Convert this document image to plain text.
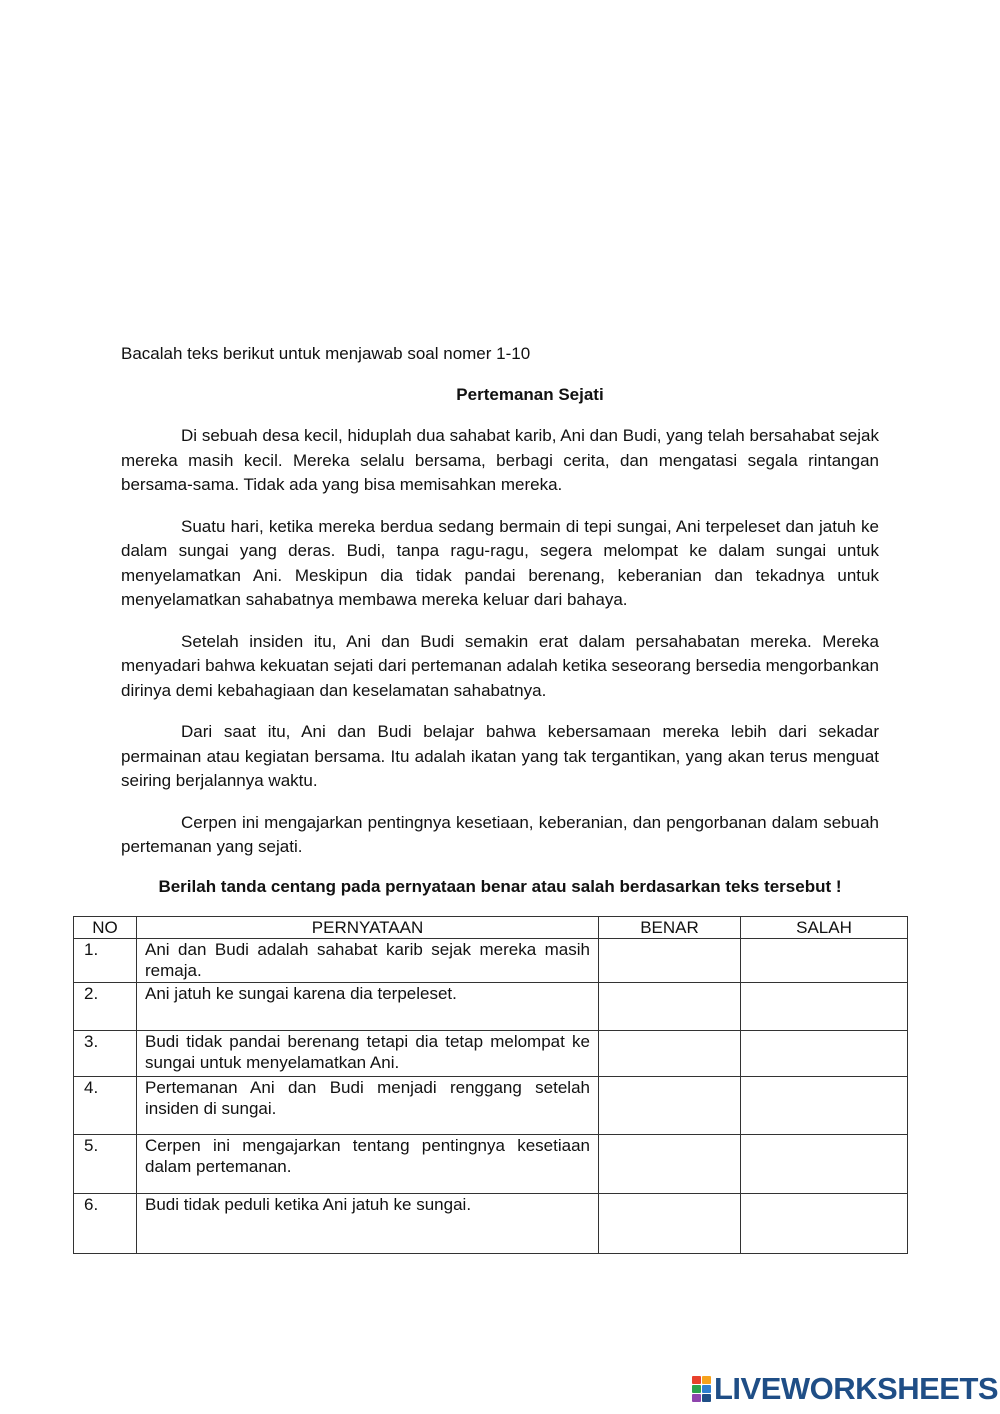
Bacalah teks berikut untuk menjawab soal nomer 1-10
Pertemanan Sejati

Di sebuah desa kecil, hiduplah dua sahabat karib, Ani dan Budi, yang telah bersahabat sejak mereka masih kecil. Mereka selalu bersama, berbagi cerita, dan mengatasi segala rintangan bersama-sama. Tidak ada yang bisa memisahkan mereka.

Suatu hari, ketika mereka berdua sedang bermain di tepi sungai, Ani terpeleset dan jatuh ke dalam sungai yang deras. Budi, tanpa ragu-ragu, segera melompat ke dalam sungai untuk menyelamatkan Ani. Meskipun dia tidak pandai berenang, keberanian dan tekadnya untuk menyelamatkan sahabatnya membawa mereka keluar dari bahaya.

Setelah insiden itu, Ani dan Budi semakin erat dalam persahabatan mereka. Mereka menyadari bahwa kekuatan sejati dari pertemanan adalah ketika seseorang bersedia mengorbankan dirinya demi kebahagiaan dan keselamatan sahabatnya.

Dari saat itu, Ani dan Budi belajar bahwa kebersamaan mereka lebih dari sekadar permainan atau kegiatan bersama. Itu adalah ikatan yang tak tergantikan, yang akan terus menguat seiring berjalannya waktu.

Cerpen ini mengajarkan pentingnya kesetiaan, keberanian, dan pengorbanan dalam sebuah pertemanan yang sejati.

Berilah tanda centang pada pernyataan benar atau salah berdasarkan teks tersebut !
NO	PERNYATAAN	BENAR	SALAH
1.	Ani dan Budi adalah sahabat karib sejak mereka masih remaja.		
2.	Ani jatuh ke sungai karena dia terpeleset.		
3.	Budi tidak pandai berenang tetapi dia tetap melompat ke sungai untuk menyelamatkan Ani.		
4.	Pertemanan Ani dan Budi menjadi renggang setelah insiden di sungai.		
5.	Cerpen ini mengajarkan tentang pentingnya kesetiaan dalam pertemanan.		
6.	Budi tidak peduli ketika Ani jatuh ke sungai.		
LIVEWORKSHEETS
